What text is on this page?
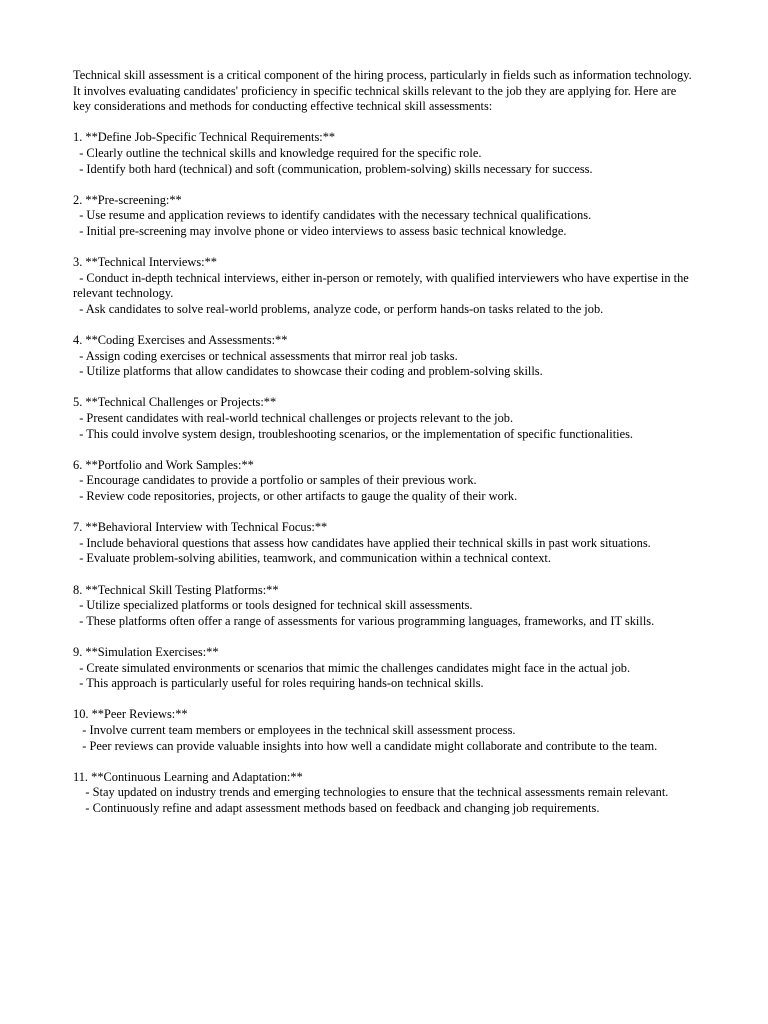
Technical skill assessment is a critical component of the hiring process, particularly in fields such as information technology. It involves evaluating candidates' proficiency in specific technical skills relevant to the job they are applying for. Here are key considerations and methods for conducting effective technical skill assessments:

1. **Define Job-Specific Technical Requirements:**

- Clearly outline the technical skills and knowledge required for the specific role.

- Identify both hard (technical) and soft (communication, problem-solving) skills necessary for success.

2. **Pre-screening:**

- Use resume and application reviews to identify candidates with the necessary technical qualifications.

- Initial pre-screening may involve phone or video interviews to assess basic technical knowledge.

3. **Technical Interviews:**

- Conduct in-depth technical interviews, either in-person or remotely, with qualified interviewers who have expertise in the relevant technology.

- Ask candidates to solve real-world problems, analyze code, or perform hands-on tasks related to the job.

4. **Coding Exercises and Assessments:**

- Assign coding exercises or technical assessments that mirror real job tasks.

- Utilize platforms that allow candidates to showcase their coding and problem-solving skills.

5. **Technical Challenges or Projects:**

- Present candidates with real-world technical challenges or projects relevant to the job.

- This could involve system design, troubleshooting scenarios, or the implementation of specific functionalities.

6. **Portfolio and Work Samples:**

- Encourage candidates to provide a portfolio or samples of their previous work.

- Review code repositories, projects, or other artifacts to gauge the quality of their work.

7. **Behavioral Interview with Technical Focus:**

- Include behavioral questions that assess how candidates have applied their technical skills in past work situations.

- Evaluate problem-solving abilities, teamwork, and communication within a technical context.

8. **Technical Skill Testing Platforms:**

- Utilize specialized platforms or tools designed for technical skill assessments.

- These platforms often offer a range of assessments for various programming languages, frameworks, and IT skills.

9. **Simulation Exercises:**

- Create simulated environments or scenarios that mimic the challenges candidates might face in the actual job.

- This approach is particularly useful for roles requiring hands-on technical skills.

10. **Peer Reviews:**

- Involve current team members or employees in the technical skill assessment process.

- Peer reviews can provide valuable insights into how well a candidate might collaborate and contribute to the team.

11. **Continuous Learning and Adaptation:**

- Stay updated on industry trends and emerging technologies to ensure that the technical assessments remain relevant.

- Continuously refine and adapt assessment methods based on feedback and changing job requirements.
